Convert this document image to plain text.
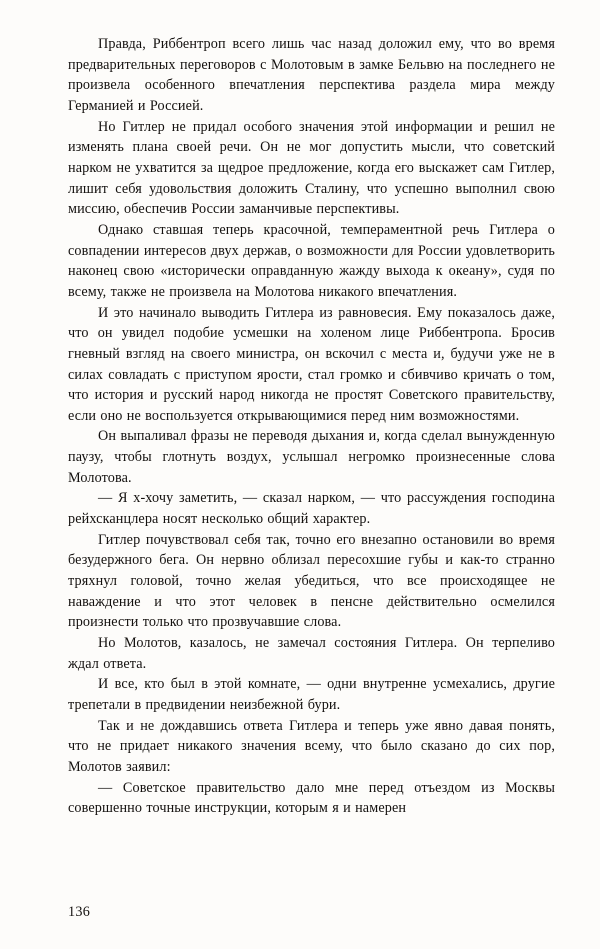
Правда, Риббентроп всего лишь час назад доложил ему, что во время предварительных переговоров с Молотовым в замке Бельвю на последнего не произвела особенного впечатления перспектива раздела мира между Германией и Россией.

Но Гитлер не придал особого значения этой информации и решил не изменять плана своей речи. Он не мог допустить мысли, что советский нарком не ухватится за щедрое предложение, когда его выскажет сам Гитлер, лишит себя удовольствия доложить Сталину, что успешно выполнил свою миссию, обеспечив России заманчивые перспективы.

Однако ставшая теперь красочной, темпераментной речь Гитлера о совпадении интересов двух держав, о возможности для России удовлетворить наконец свою «исторически оправданную жажду выхода к океану», судя по всему, также не произвела на Молотова никакого впечатления.

И это начинало выводить Гитлера из равновесия. Ему показалось даже, что он увидел подобие усмешки на холеном лице Риббентропа. Бросив гневный взгляд на своего министра, он вскочил с места и, будучи уже не в силах совладать с приступом ярости, стал громко и сбивчиво кричать о том, что история и русский народ никогда не простят Советского правительству, если оно не воспользуется открывающимися перед ним возможностями.

Он выпаливал фразы не переводя дыхания и, когда сделал вынужденную паузу, чтобы глотнуть воздух, услышал негромко произнесенные слова Молотова.

— Я х-хочу заметить, — сказал нарком, — что рассуждения господина рейхсканцлера носят несколько общий характер.

Гитлер почувствовал себя так, точно его внезапно остановили во время безудержного бега. Он нервно облизал пересохшие губы и как-то странно тряхнул головой, точно желая убедиться, что все происходящее не наваждение и что этот человек в пенсне действительно осмелился произнести только что прозвучавшие слова.

Но Молотов, казалось, не замечал состояния Гитлера. Он терпеливо ждал ответа.

И все, кто был в этой комнате, — одни внутренне усмехались, другие трепетали в предвидении неизбежной бури.

Так и не дождавшись ответа Гитлера и теперь уже явно давая понять, что не придает никакого значения всему, что было сказано до сих пор, Молотов заявил:

— Советское правительство дало мне перед отъездом из Москвы совершенно точные инструкции, которым я и намерен

136
